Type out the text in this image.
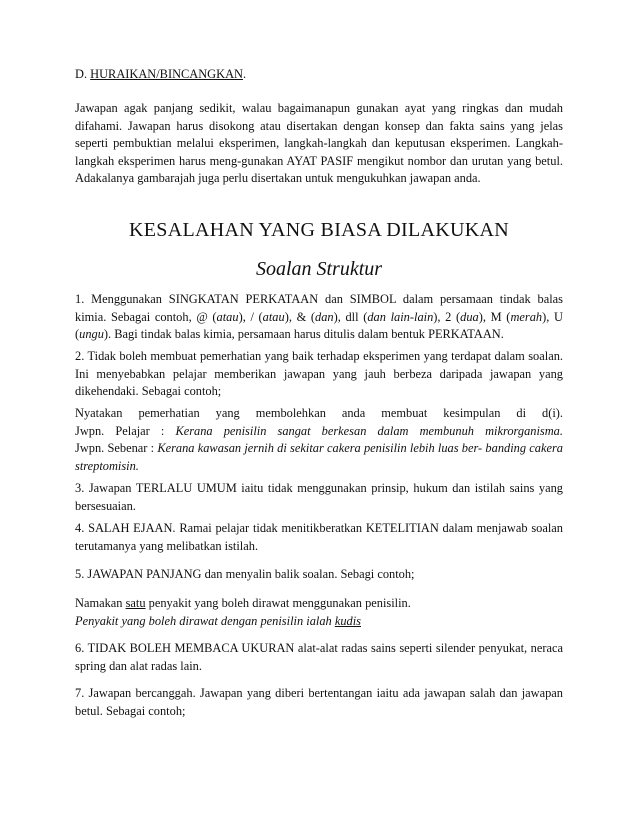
D. HURAIKAN/BINCANGKAN.

Jawapan agak panjang sedikit, walau bagaimanapun gunakan ayat yang ringkas dan mudah difahami. Jawapan harus disokong atau disertakan dengan konsep dan fakta sains yang jelas seperti pembuktian melalui eksperimen, langkah-langkah dan keputusan eksperimen. Langkah-langkah eksperimen harus meng-gunakan AYAT PASIF mengikut nombor dan urutan yang betul. Adakalanya gambarajah juga perlu disertakan untuk mengukuhkan jawapan anda.

KESALAHAN YANG BIASA DILAKUKAN
Soalan Struktur

1. Menggunakan SINGKATAN PERKATAAN dan SIMBOL dalam persamaan tindak balas kimia. Sebagai contoh, @ (atau), / (atau), & (dan), dll (dan lain-lain), 2 (dua), M (merah), U (ungu). Bagi tindak balas kimia, persamaan harus ditulis dalam bentuk PERKATAAN.

2. Tidak boleh membuat pemerhatian yang baik terhadap eksperimen yang terdapat dalam soalan. Ini menyebabkan pelajar memberikan jawapan yang jauh berbeza daripada jawapan yang dikehendaki. Sebagai contoh;

Nyatakan pemerhatian yang membolehkan anda membuat kesimpulan di d(i).

Jwpn. Pelajar : Kerana penisilin sangat berkesan dalam membunuh mikrorganisma.

Jwpn. Sebenar : Kerana kawasan jernih di sekitar cakera penisilin lebih luas ber- banding cakera streptomisin.

3. Jawapan TERLALU UMUM iaitu tidak menggunakan prinsip, hukum dan istilah sains yang bersesuaian.

4. SALAH EJAAN. Ramai pelajar tidak menitikberatkan KETELITIAN dalam menjawab soalan terutamanya yang melibatkan istilah.

5. JAWAPAN PANJANG dan menyalin balik soalan. Sebagi contoh;

Namakan satu penyakit yang boleh dirawat menggunakan penisilin.

Penyakit yang boleh dirawat dengan penisilin ialah kudis

6. TIDAK BOLEH MEMBACA UKURAN alat-alat radas sains seperti silender penyukat, neraca spring dan alat radas lain.

7. Jawapan bercanggah. Jawapan yang diberi bertentangan iaitu ada jawapan salah dan jawapan betul. Sebagai contoh;
